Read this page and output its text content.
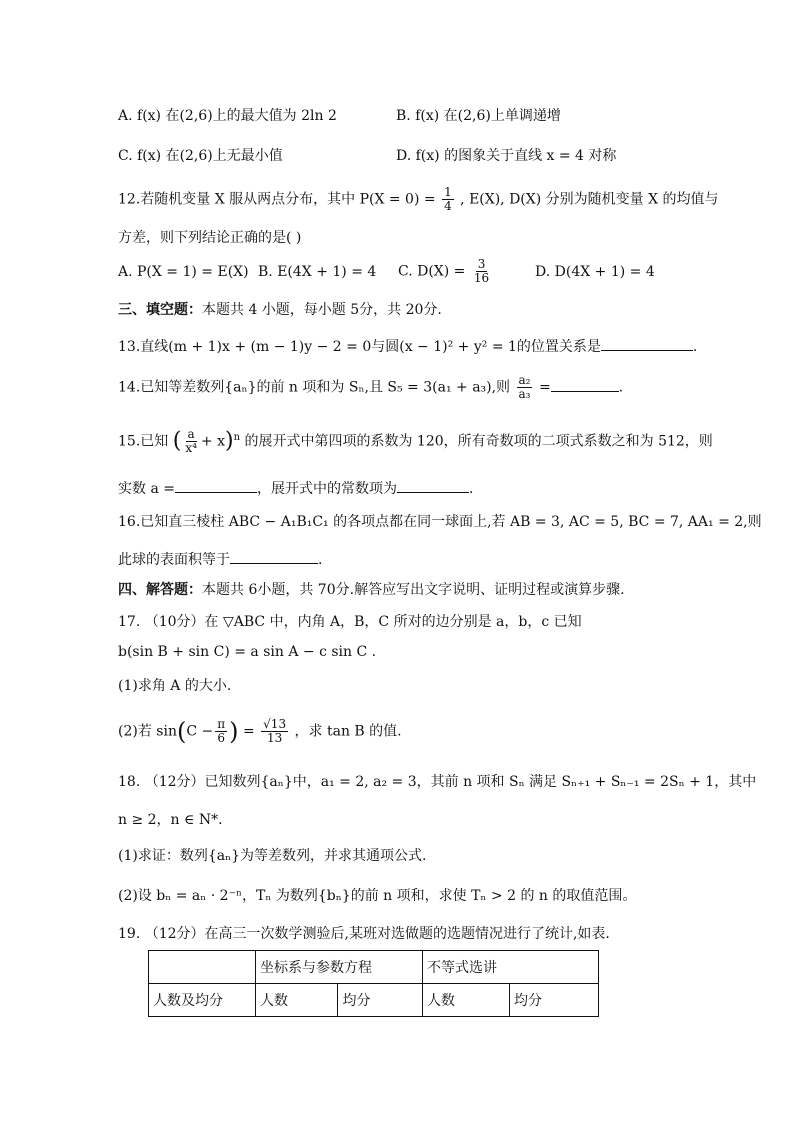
A. f(x) 在(2,6)上的最大值为 2ln 2	B. f(x) 在(2,6)上单调递增
C. f(x) 在(2,6)上无最小值	D. f(x) 的图象关于直线 x = 4 对称
12.若随机变量 X 服从两点分布，其中 $P(X = 0) = \frac{1}{4}$ , E(X), D(X) 分别为随机变量 X 的均值与
方差，则下列结论正确的是( )
A. P(X = 1) = E(X) B. E(4X + 1) = 4 C. $D(X) = \frac{3}{16}$	D. D(4X + 1) = 4
三、填空题：本题共 4 小题，每小题 5分，共 20分.
13.直线(m + 1)x + (m − 1)y − 2 = 0与圆(x − 1)² + y² = 1的位置关系是	.
14.已知等差数列{aₙ}的前 n 项和为 Sₙ,且 S₅ = 3(a₁ + a₃),则 $\frac{\text{a₂}}{\text{a₃}}$ =	.
15.已知 ( $\frac{a}{\text{x⁴}} + x)^n$ 的展开式中第四项的系数为 120，所有奇数项的二项式系数之和为 512，则
实数 a =	，展开式中的常数项为	.
16.已知直三棱柱 ABC − A₁B₁C₁ 的各项点都在同一球面上,若 AB = 3, AC = 5, BC = 7, AA₁ = 2,则
此球的表面积等于	.
四、解答题：本题共 6小题，共 70分.解答应写出文字说明、证明过程或演算步骤.
17. （10分）在 ▽ABC 中，内角 A，B，C 所对的边分别是 a，b，c 已知
b(sin B + sin C) = a sin A − c sin C .
(1)求角 A 的大小.
(2)若 $\sin(C - \frac{\pi}{6}$ ) = $\frac{√13}{13}$ ，求 tan B 的值.
18. （12分）已知数列{aₙ}中，a₁ = 2, a₂ = 3，其前 n 项和 Sₙ 满足 Sₙ₊₁ + Sₙ₋₁ = 2Sₙ + 1，其中
n ≥ 2，n ∈ N*.
(1)求证：数列{aₙ}为等差数列，并求其通项公式.
(2)设 bₙ = aₙ · 2⁻ⁿ，Tₙ 为数列{bₙ}的前 n 项和，求使 Tₙ > 2 的 n 的取值范围。
19. （12分）在高三一次数学测验后,某班对选做题的选题情况进行了统计,如表.
	坐标系与参数方程		不等式选讲	
人数及均分	人数	均分	人数	均分
